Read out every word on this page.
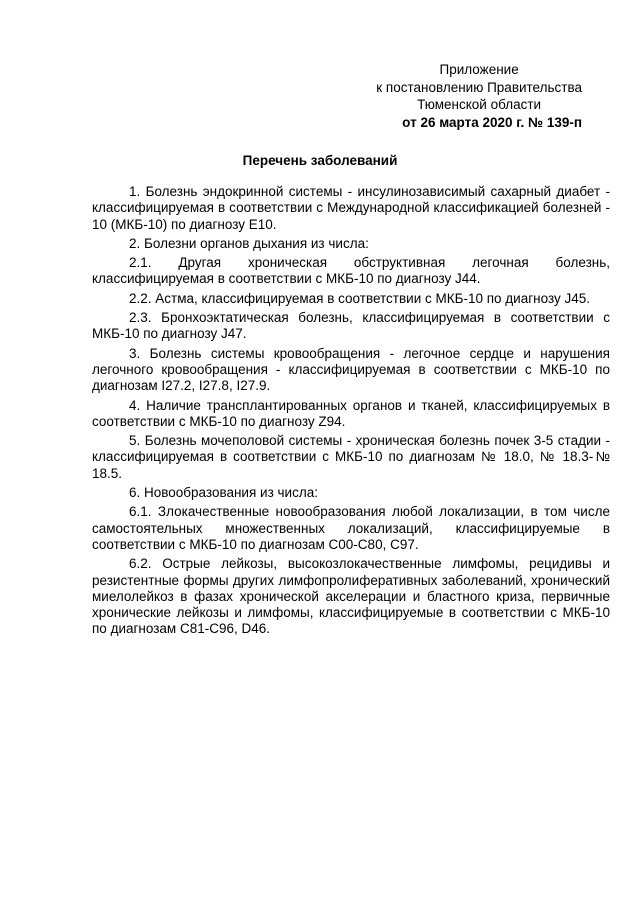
Приложение
к постановлению Правительства
Тюменской области
от 26 марта 2020 г. № 139-п
Перечень заболеваний

1. Болезнь эндокринной системы - инсулинозависимый сахарный диабет - классифицируемая в соответствии с Международной классификацией болезней - 10 (МКБ-10) по диагнозу E10.

2. Болезни органов дыхания из числа:

2.1. Другая хроническая обструктивная легочная болезнь, классифицируемая в соответствии с МКБ-10 по диагнозу J44.

2.2. Астма, классифицируемая в соответствии с МКБ-10 по диагнозу J45.

2.3. Бронхоэктатическая болезнь, классифицируемая в соответствии с МКБ-10 по диагнозу J47.

3. Болезнь системы кровообращения - легочное сердце и нарушения легочного кровообращения - классифицируемая в соответствии с МКБ-10 по диагнозам I27.2, I27.8, I27.9.

4. Наличие трансплантированных органов и тканей, классифицируемых в соответствии с МКБ-10 по диагнозу Z94.

5. Болезнь мочеполовой системы - хроническая болезнь почек 3-5 стадии - классифицируемая в соответствии с МКБ-10 по диагнозам № 18.0, № 18.3-№ 18.5.

6. Новообразования из числа:

6.1. Злокачественные новообразования любой локализации, в том числе самостоятельных множественных локализаций, классифицируемые в соответствии с МКБ-10 по диагнозам C00-C80, C97.

6.2. Острые лейкозы, высокозлокачественные лимфомы, рецидивы и резистентные формы других лимфопролиферативных заболеваний, хронический миелолейкоз в фазах хронической акселерации и бластного криза, первичные хронические лейкозы и лимфомы, классифицируемые в соответствии с МКБ-10 по диагнозам C81-C96, D46.
